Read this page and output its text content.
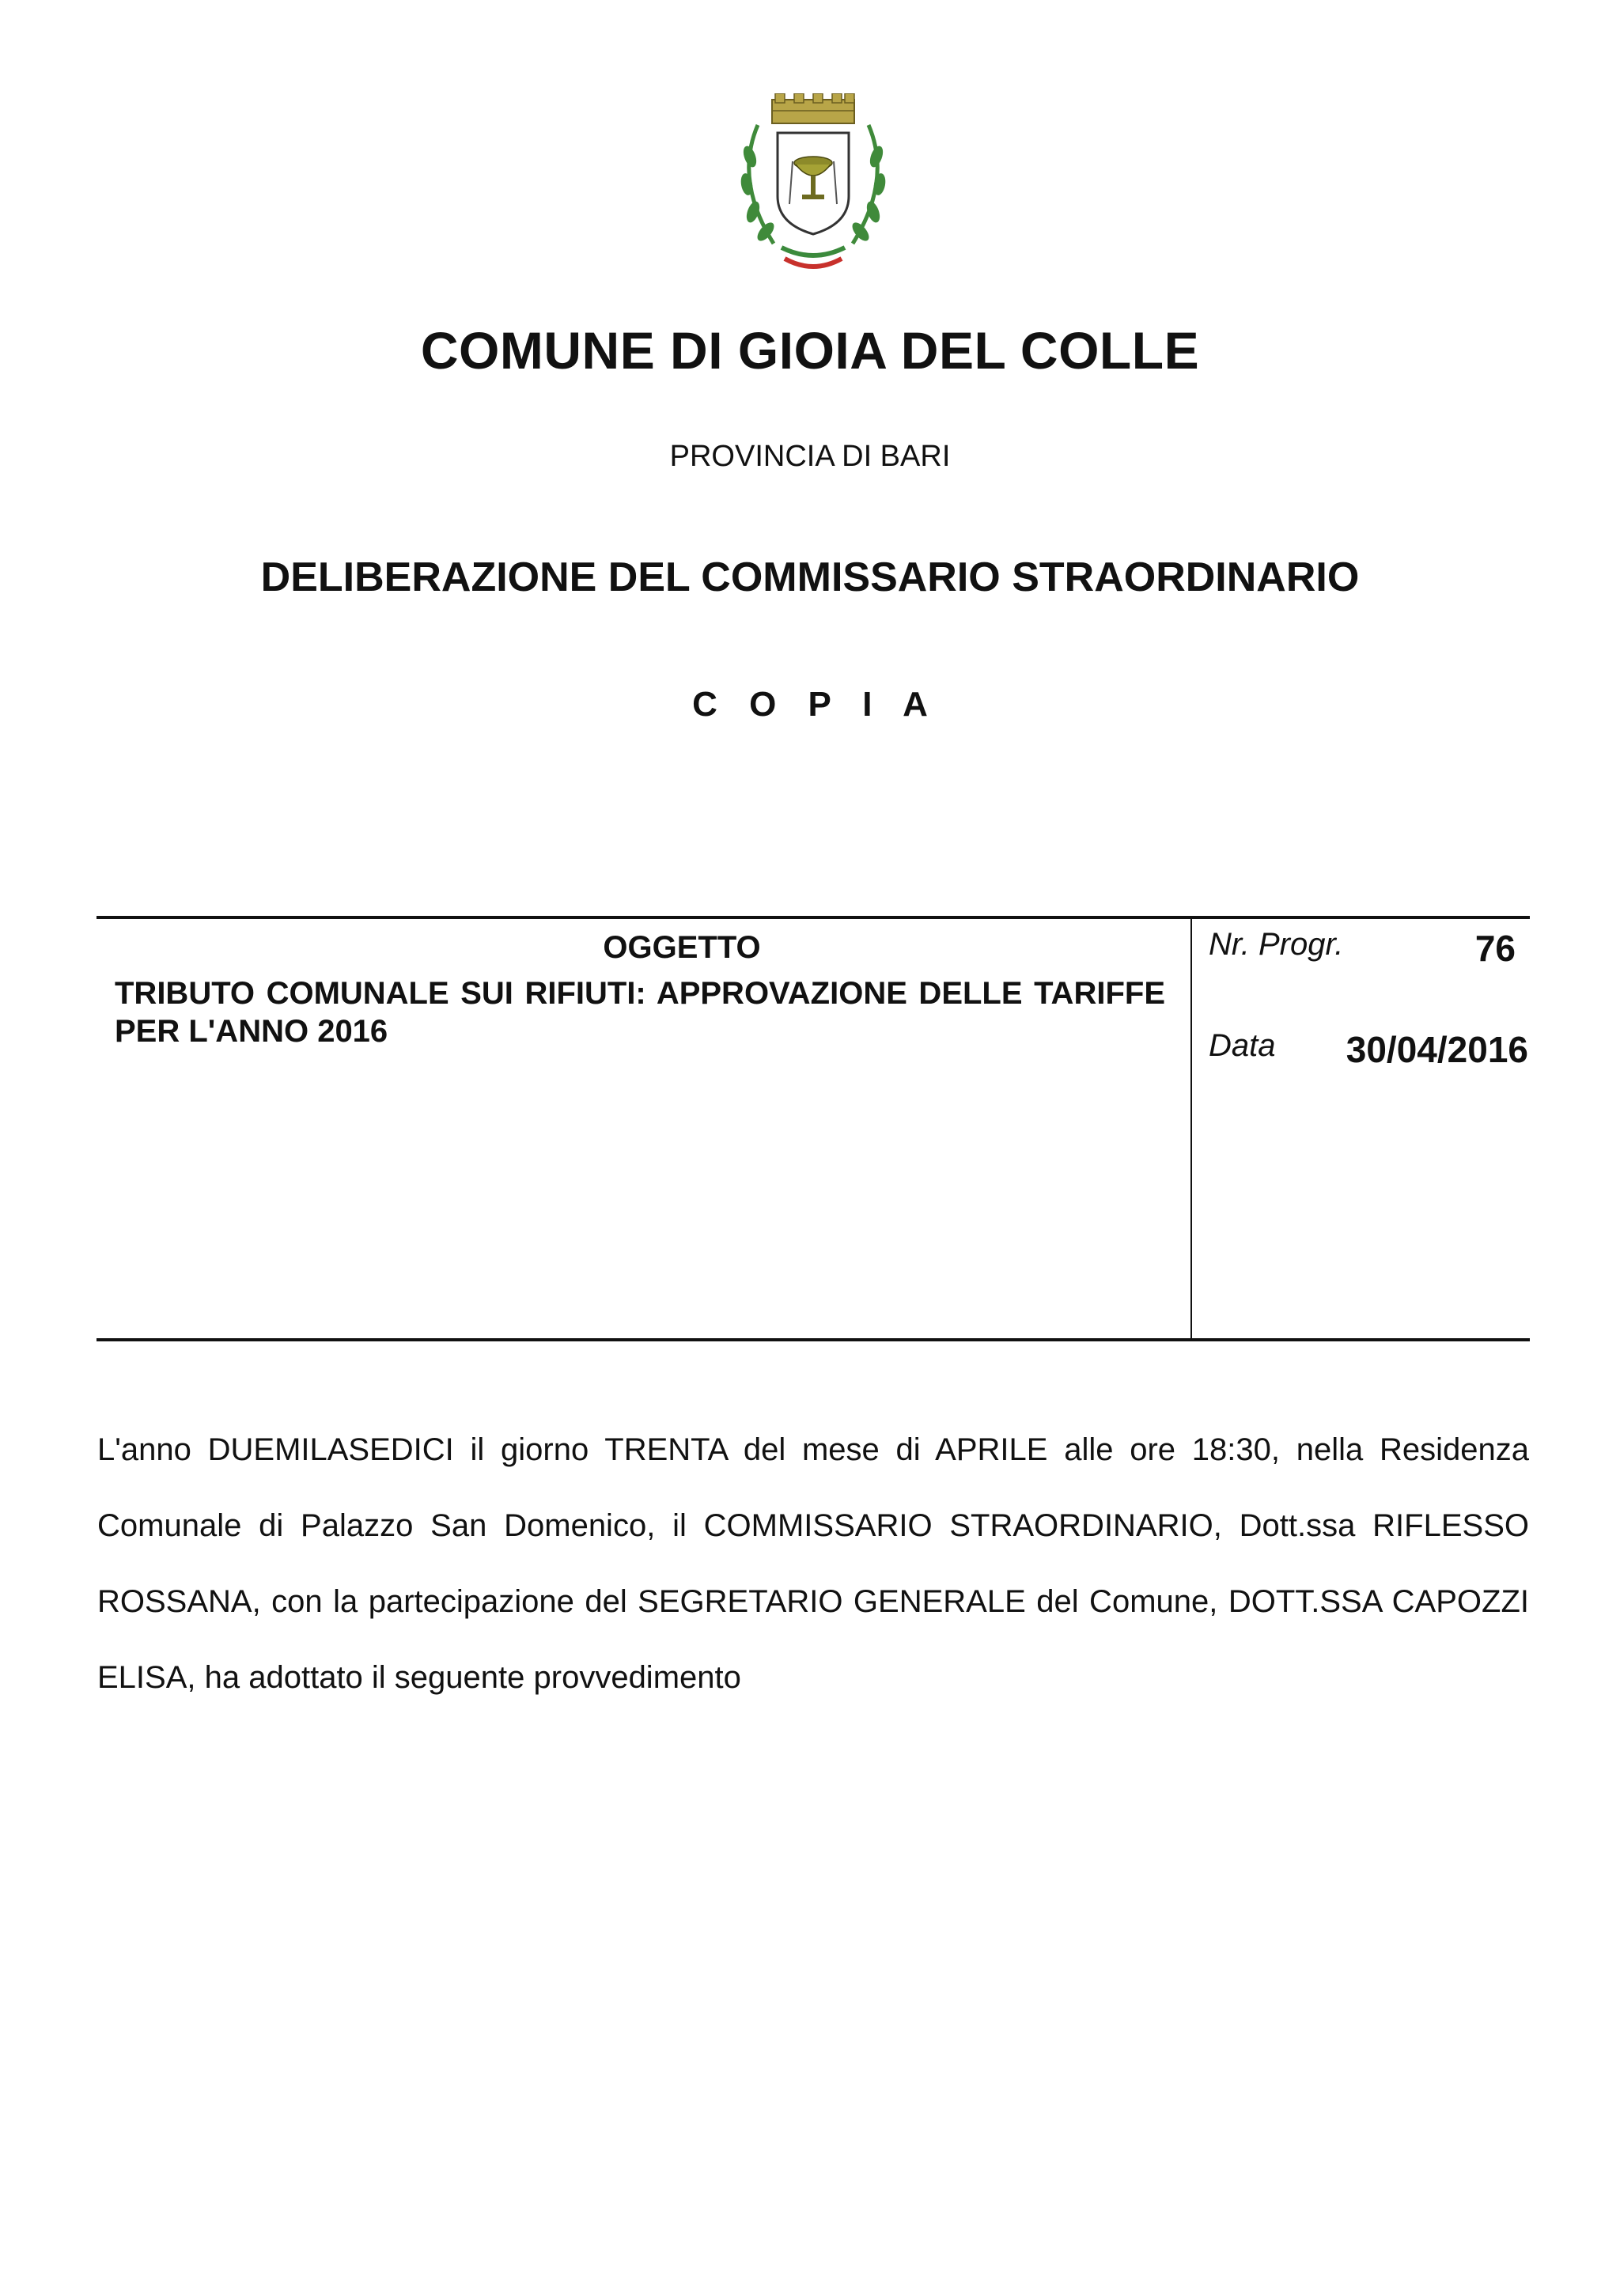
COMUNE DI GIOIA DEL COLLE
PROVINCIA DI BARI
DELIBERAZIONE DEL COMMISSARIO STRAORDINARIO
C O P I A
OGGETTO
TRIBUTO COMUNALE SUI RIFIUTI: APPROVAZIONE DELLE TARIFFE PER L'ANNO 2016
Nr. Progr.	76
Data	30/04/2016
L'anno DUEMILASEDICI il giorno TRENTA del mese di APRILE alle ore 18:30, nella Residenza Comunale di Palazzo San Domenico, il COMMISSARIO STRAORDINARIO, Dott.ssa RIFLESSO ROSSANA, con la partecipazione del SEGRETARIO GENERALE del Comune, DOTT.SSA CAPOZZI ELISA, ha adottato il seguente provvedimento
